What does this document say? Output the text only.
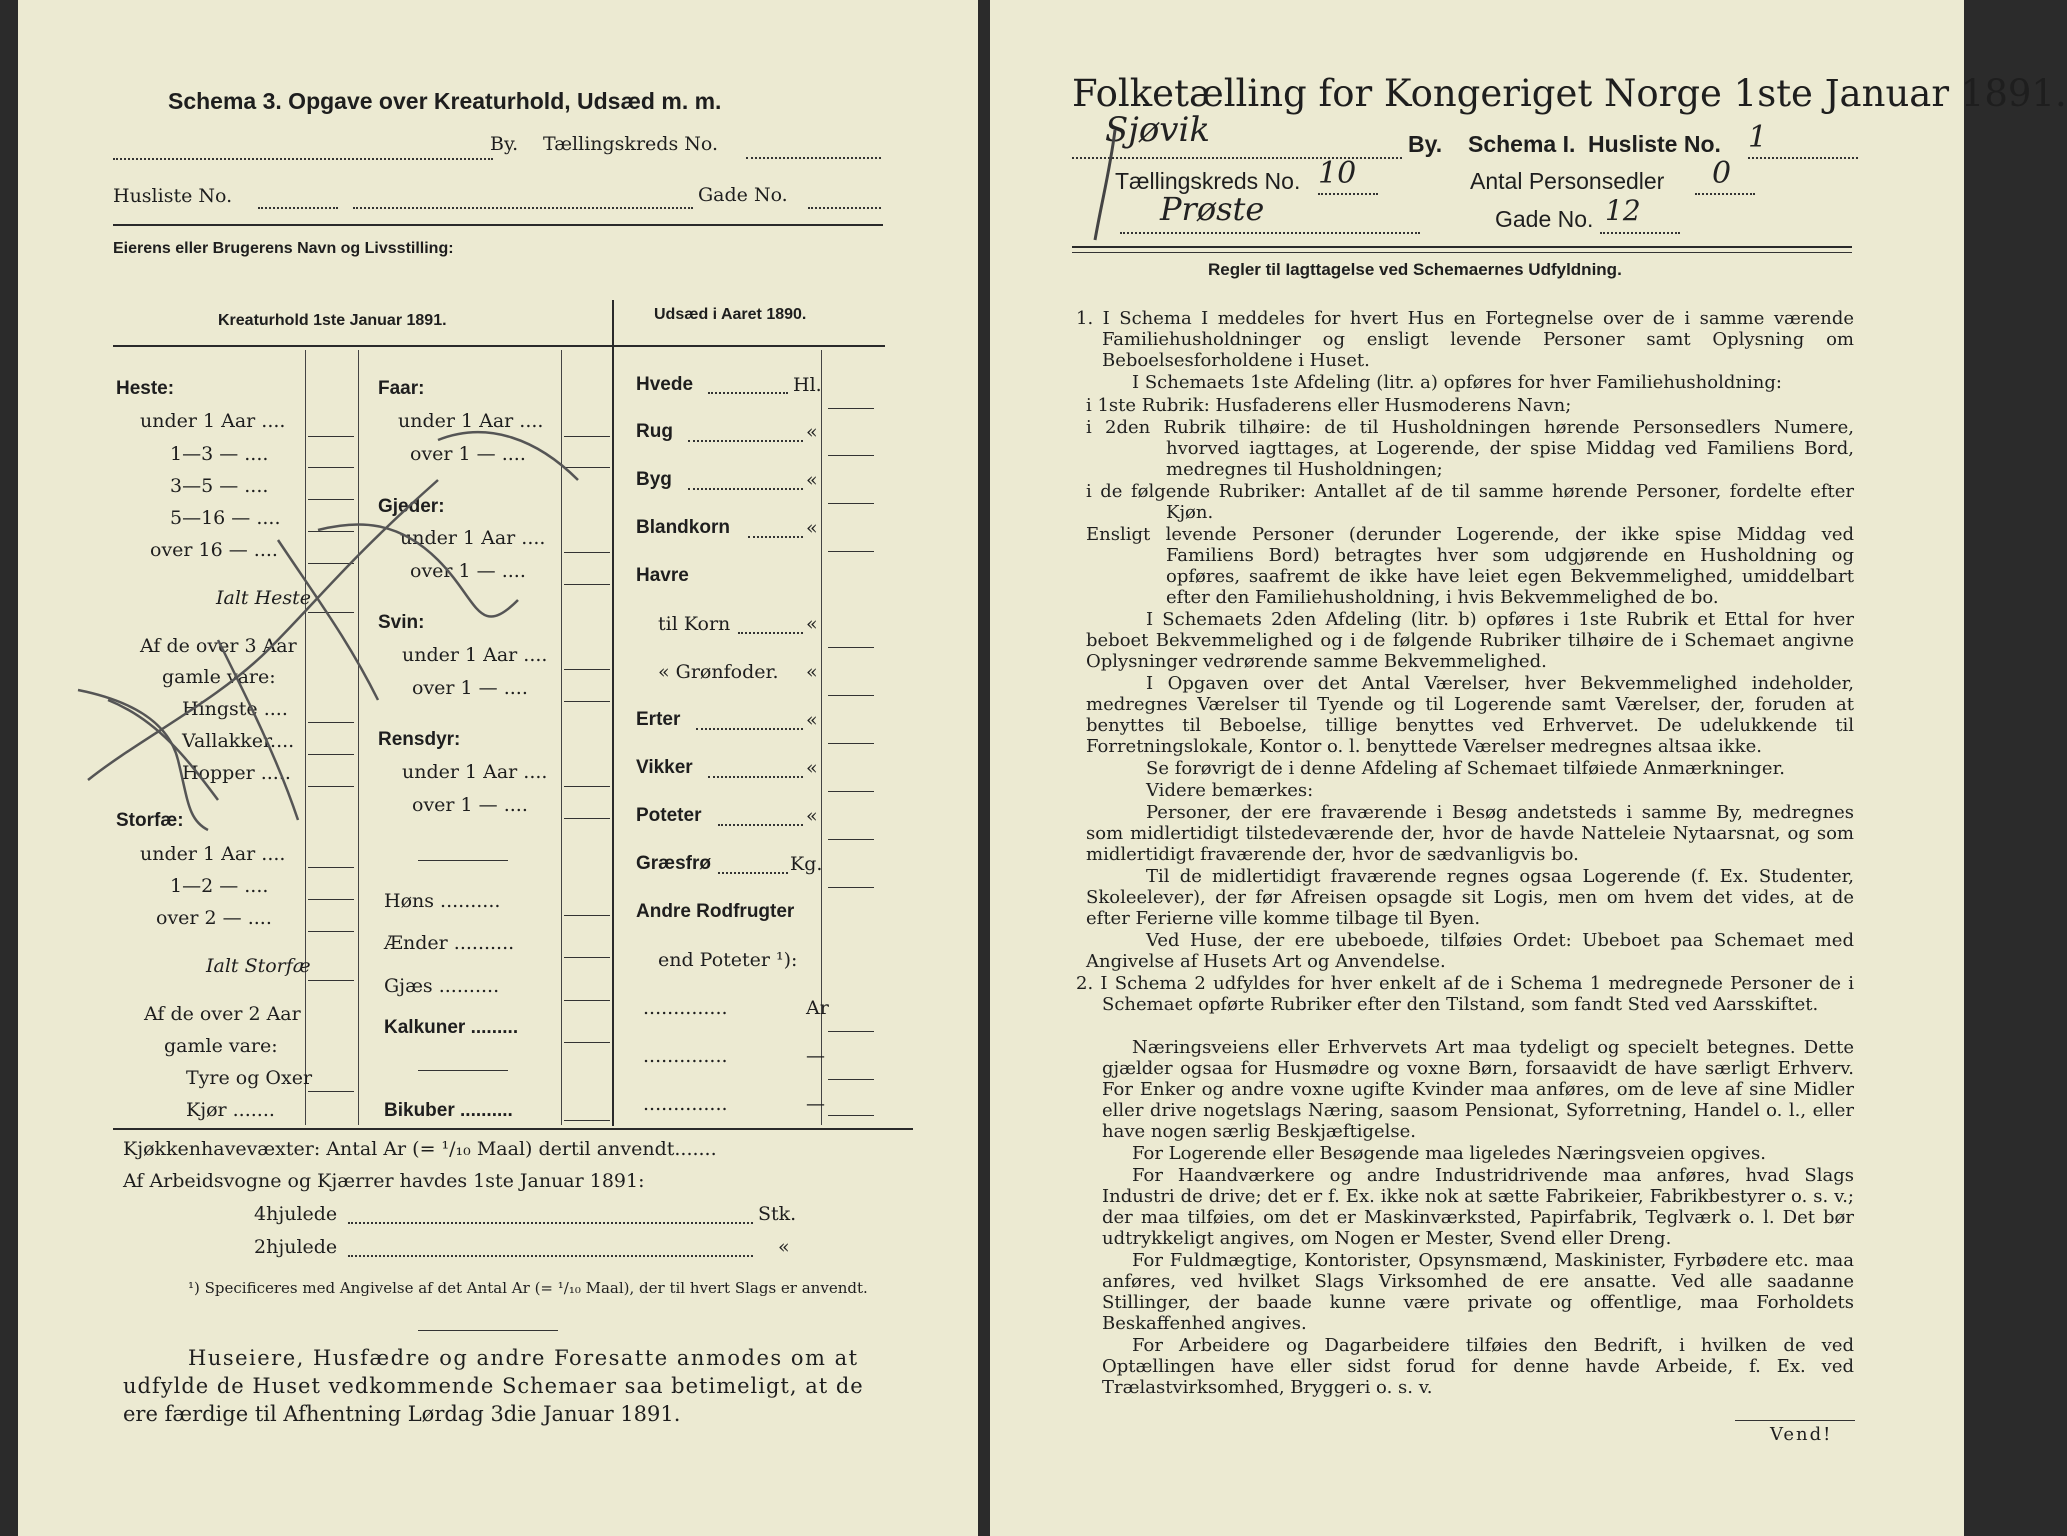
Schema 3. Opgave over Kreaturhold, Udsæd m. m.
By. Tællingskreds No.
Husliste No.	Gade No.
Eierens eller Brugerens Navn og Livsstilling:
Kreaturhold 1ste Januar 1891.	Udsæd i Aaret 1890.
Heste:
under 1 Aar ....
1—3 — ....
3—5 — ....
5—16 — ....
over 16 — ....
Ialt Heste
Af de over 3 Aar
gamle vare:
Hingste ....
Vallakker....
Hopper .....
Storfæ:
under 1 Aar ....
1—2 — ....
over 2 — ....
Ialt Storfæ
Af de over 2 Aar
gamle vare:
Tyre og Oxer
Kjør .......
Faar:
under 1 Aar ....
over 1 — ....
Gjeder:
under 1 Aar ....
over 1 — ....
Svin:
under 1 Aar ....
over 1 — ....
Rensdyr:
under 1 Aar ....
over 1 — ....
Høns ..........
Ænder ..........
Gjæs ..........
Kalkuner .........
Bikuber ..........
Hvede	Hl.
Rug	«
Byg	«
Blandkorn	«
Havre
til Korn	«
« Grønfoder. «
Erter	«
Vikker	«
Poteter	«
Græsfrø	Kg.
Andre Rodfrugter
end Poteter ¹):
..............	Ar
..............	—
..............	—
Kjøkkenhavevæxter: Antal Ar (= ¹/₁₀ Maal) dertil anvendt.......
Af Arbeidsvogne og Kjærrer havdes 1ste Januar 1891:
4hjulede	Stk.
2hjulede	«
¹) Specificeres med Angivelse af det Antal Ar (= ¹/₁₀ Maal), der til hvert Slags er anvendt.
Huseiere, Husfædre og andre Foresatte anmodes om at
udfylde de Huset vedkommende Schemaer saa betimeligt, at de
ere færdige til Afhentning Lørdag 3die Januar 1891.
Folketælling for Kongeriget Norge 1ste Januar 1891.
Sjøvik	By. Schema I. Husliste No. 1
Tællingskreds No. 10	Antal Personsedler 0
Prøste	Gade No. 12
Regler til Iagttagelse ved Schemaernes Udfyldning.
1. I Schema I meddeles for hvert Hus en Fortegnelse over de i samme værende Familiehusholdninger og ensligt levende Personer samt Oplysning om Beboelsesforholdene i Huset.
I Schemaets 1ste Afdeling (litr. a) opføres for hver Familiehusholdning:
i 1ste Rubrik: Husfaderens eller Husmoderens Navn;
i 2den Rubrik tilhøire: de til Husholdningen hørende Personsedlers Numere, hvorved iagttages, at Logerende, der spise Middag ved Familiens Bord, medregnes til Husholdningen;
i de følgende Rubriker: Antallet af de til samme hørende Personer, fordelte efter Kjøn.
Ensligt levende Personer (derunder Logerende, der ikke spise Middag ved Familiens Bord) betragtes hver som udgjørende en Husholdning og opføres, saafremt de ikke have leiet egen Bekvemmelighed, umiddelbart efter den Familiehusholdning, i hvis Bekvemmelighed de bo.
I Schemaets 2den Afdeling (litr. b) opføres i 1ste Rubrik et Ettal for hver beboet Bekvemmelighed og i de følgende Rubriker tilhøire de i Schemaet angivne Oplysninger vedrørende samme Bekvemmelighed.
I Opgaven over det Antal Værelser, hver Bekvemmelighed indeholder, medregnes Værelser til Tyende og til Logerende samt Værelser, der, foruden at benyttes til Beboelse, tillige benyttes ved Erhvervet. De udelukkende til Forretningslokale, Kontor o. l. benyttede Værelser medregnes altsaa ikke.
Se forøvrigt de i denne Afdeling af Schemaet tilføiede Anmærkninger.
Videre bemærkes:
Personer, der ere fraværende i Besøg andetsteds i samme By, medregnes som midlertidigt tilstedeværende der, hvor de havde Natteleie Nytaarsnat, og som midlertidigt fraværende der, hvor de sædvanligvis bo.
Til de midlertidigt fraværende regnes ogsaa Logerende (f. Ex. Studenter, Skoleelever), der før Afreisen opsagde sit Logis, men om hvem det vides, at de efter Ferierne ville komme tilbage til Byen.
Ved Huse, der ere ubeboede, tilføies Ordet: Ubeboet paa Schemaet med Angivelse af Husets Art og Anvendelse.
2. I Schema 2 udfyldes for hver enkelt af de i Schema 1 medregnede Personer de i Schemaet opførte Rubriker efter den Tilstand, som fandt Sted ved Aarsskiftet.
Næringsveiens eller Erhvervets Art maa tydeligt og specielt betegnes. Dette gjælder ogsaa for Husmødre og voxne Børn, forsaavidt de have særligt Erhverv. For Enker og andre voxne ugifte Kvinder maa anføres, om de leve af sine Midler eller drive nogetslags Næring, saasom Pensionat, Syforretning, Handel o. l., eller have nogen særlig Beskjæftigelse.
For Logerende eller Besøgende maa ligeledes Næringsveien opgives.
For Haandværkere og andre Industridrivende maa anføres, hvad Slags Industri de drive; det er f. Ex. ikke nok at sætte Fabrikeier, Fabrikbestyrer o. s. v.; der maa tilføies, om det er Maskinværksted, Papirfabrik, Teglværk o. l. Det bør udtrykkeligt angives, om Nogen er Mester, Svend eller Dreng.
For Fuldmægtige, Kontorister, Opsynsmænd, Maskinister, Fyrbødere etc. maa anføres, ved hvilket Slags Virksomhed de ere ansatte. Ved alle saadanne Stillinger, der baade kunne være private og offentlige, maa Forholdets Beskaffenhed angives.
For Arbeidere og Dagarbeidere tilføies den Bedrift, i hvilken de ved Optællingen have eller sidst forud for denne havde Arbeide, f. Ex. ved Trælastvirksomhed, Bryggeri o. s. v.
Vend!
